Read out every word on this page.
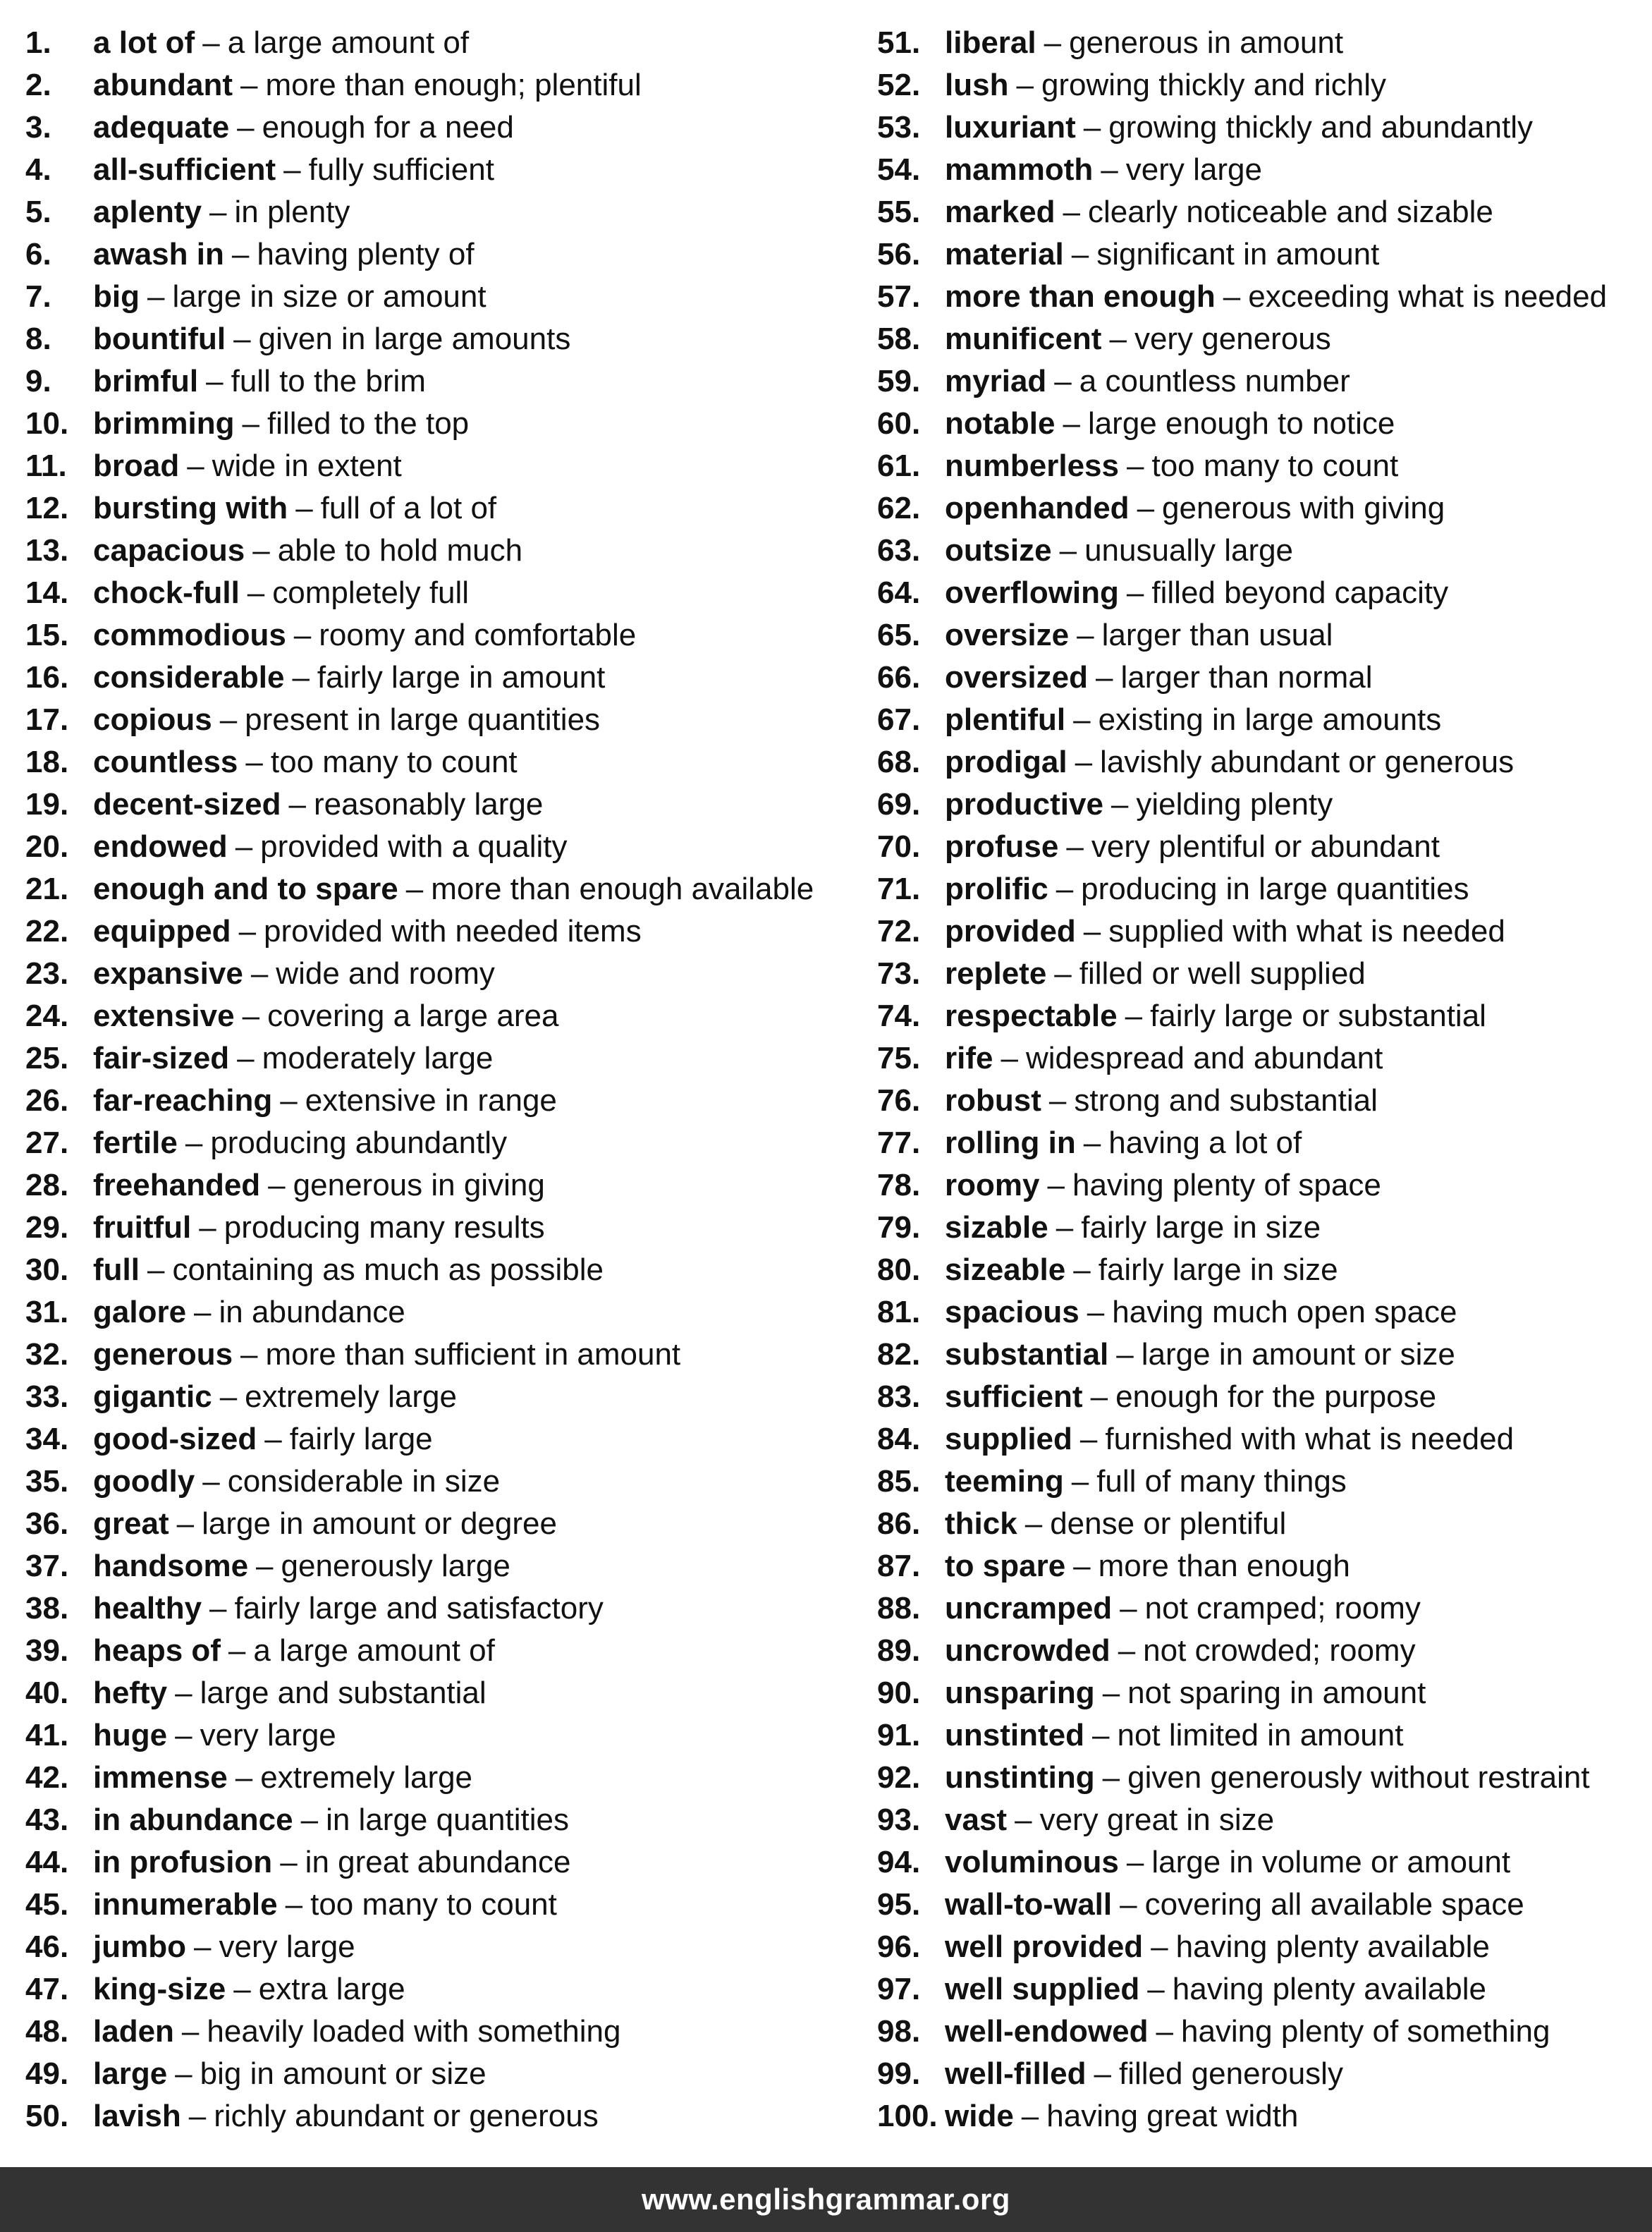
1. a lot of – a large amount of
2. abundant – more than enough; plentiful
3. adequate – enough for a need
4. all-sufficient – fully sufficient
5. aplenty – in plenty
6. awash in – having plenty of
7. big – large in size or amount
8. bountiful – given in large amounts
9. brimful – full to the brim
10. brimming – filled to the top
11. broad – wide in extent
12. bursting with – full of a lot of
13. capacious – able to hold much
14. chock-full – completely full
15. commodious – roomy and comfortable
16. considerable – fairly large in amount
17. copious – present in large quantities
18. countless – too many to count
19. decent-sized – reasonably large
20. endowed – provided with a quality
21. enough and to spare – more than enough available
22. equipped – provided with needed items
23. expansive – wide and roomy
24. extensive – covering a large area
25. fair-sized – moderately large
26. far-reaching – extensive in range
27. fertile – producing abundantly
28. freehanded – generous in giving
29. fruitful – producing many results
30. full – containing as much as possible
31. galore – in abundance
32. generous – more than sufficient in amount
33. gigantic – extremely large
34. good-sized – fairly large
35. goodly – considerable in size
36. great – large in amount or degree
37. handsome – generously large
38. healthy – fairly large and satisfactory
39. heaps of – a large amount of
40. hefty – large and substantial
41. huge – very large
42. immense – extremely large
43. in abundance – in large quantities
44. in profusion – in great abundance
45. innumerable – too many to count
46. jumbo – very large
47. king-size – extra large
48. laden – heavily loaded with something
49. large – big in amount or size
50. lavish – richly abundant or generous
51. liberal – generous in amount
52. lush – growing thickly and richly
53. luxuriant – growing thickly and abundantly
54. mammoth – very large
55. marked – clearly noticeable and sizable
56. material – significant in amount
57. more than enough – exceeding what is needed
58. munificent – very generous
59. myriad – a countless number
60. notable – large enough to notice
61. numberless – too many to count
62. openhanded – generous with giving
63. outsize – unusually large
64. overflowing – filled beyond capacity
65. oversize – larger than usual
66. oversized – larger than normal
67. plentiful – existing in large amounts
68. prodigal – lavishly abundant or generous
69. productive – yielding plenty
70. profuse – very plentiful or abundant
71. prolific – producing in large quantities
72. provided – supplied with what is needed
73. replete – filled or well supplied
74. respectable – fairly large or substantial
75. rife – widespread and abundant
76. robust – strong and substantial
77. rolling in – having a lot of
78. roomy – having plenty of space
79. sizable – fairly large in size
80. sizeable – fairly large in size
81. spacious – having much open space
82. substantial – large in amount or size
83. sufficient – enough for the purpose
84. supplied – furnished with what is needed
85. teeming – full of many things
86. thick – dense or plentiful
87. to spare – more than enough
88. uncramped – not cramped; roomy
89. uncrowded – not crowded; roomy
90. unsparing – not sparing in amount
91. unstinted – not limited in amount
92. unstinting – given generously without restraint
93. vast – very great in size
94. voluminous – large in volume or amount
95. wall-to-wall – covering all available space
96. well provided – having plenty available
97. well supplied – having plenty available
98. well-endowed – having plenty of something
99. well-filled – filled generously
100. wide – having great width
www.englishgrammar.org
